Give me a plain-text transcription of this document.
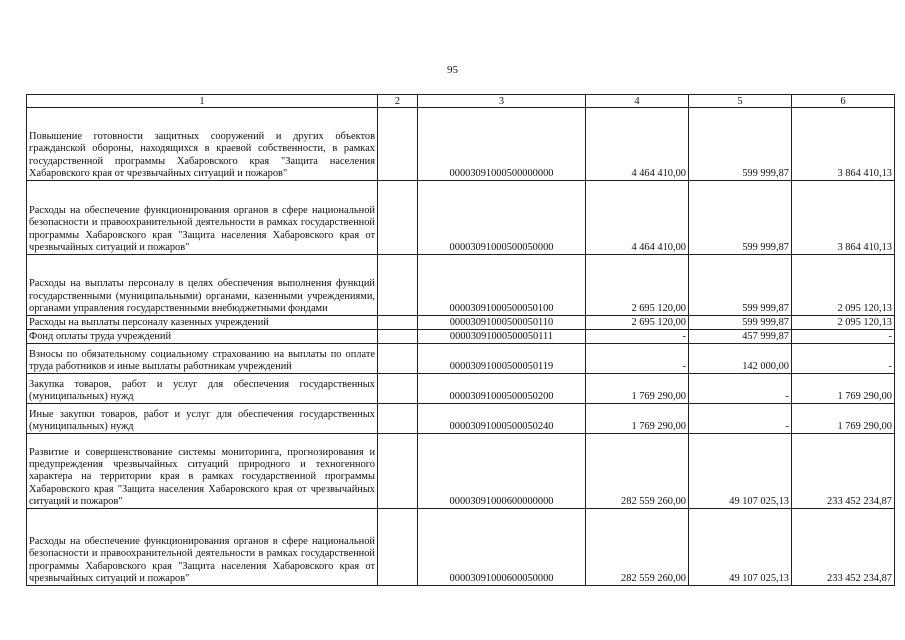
95
1	2	3	4	5	6
Повышение готовности защитных сооружений и других объектов гражданской обороны, находящихся в краевой собственности, в рамках государственной программы Хабаровского края "Защита населения Хабаровского края от чрезвычайных ситуаций и пожаров"		00003091000500000000	4 464 410,00	599 999,87	3 864 410,13
Расходы на обеспечение функционирования органов в сфере национальной безопасности и правоохранительной деятельности в рамках государственной программы Хабаровского края "Защита населения Хабаровского края от чрезвычайных ситуаций и пожаров"		00003091000500050000	4 464 410,00	599 999,87	3 864 410,13
Расходы на выплаты персоналу в целях обеспечения выполнения функций государственными (муниципальными) органами, казенными учреждениями, органами управления государственными внебюджетными фондами		00003091000500050100	2 695 120,00	599 999,87	2 095 120,13
Расходы на выплаты персоналу казенных учреждений		00003091000500050110	2 695 120,00	599 999,87	2 095 120,13
Фонд оплаты труда учреждений		00003091000500050111	-	457 999,87	-
Взносы по обязательному социальному страхованию на выплаты по оплате труда работников и иные выплаты работникам учреждений		00003091000500050119	-	142 000,00	-
Закупка товаров, работ и услуг для обеспечения государственных (муниципальных) нужд		00003091000500050200	1 769 290,00	-	1 769 290,00
Иные закупки товаров, работ и услуг для обеспечения государственных (муниципальных) нужд		00003091000500050240	1 769 290,00	-	1 769 290,00
Развитие и совершенствование системы мониторинга, прогнозирования и предупреждения чрезвычайных ситуаций природного и техногенного характера на территории края в рамках государственной программы Хабаровского края "Защита населения Хабаровского края от чрезвычайных ситуаций и пожаров"		00003091000600000000	282 559 260,00	49 107 025,13	233 452 234,87
Расходы на обеспечение функционирования органов в сфере национальной безопасности и правоохранительной деятельности в рамках государственной программы Хабаровского края "Защита населения Хабаровского края от чрезвычайных ситуаций и пожаров"		00003091000600050000	282 559 260,00	49 107 025,13	233 452 234,87
